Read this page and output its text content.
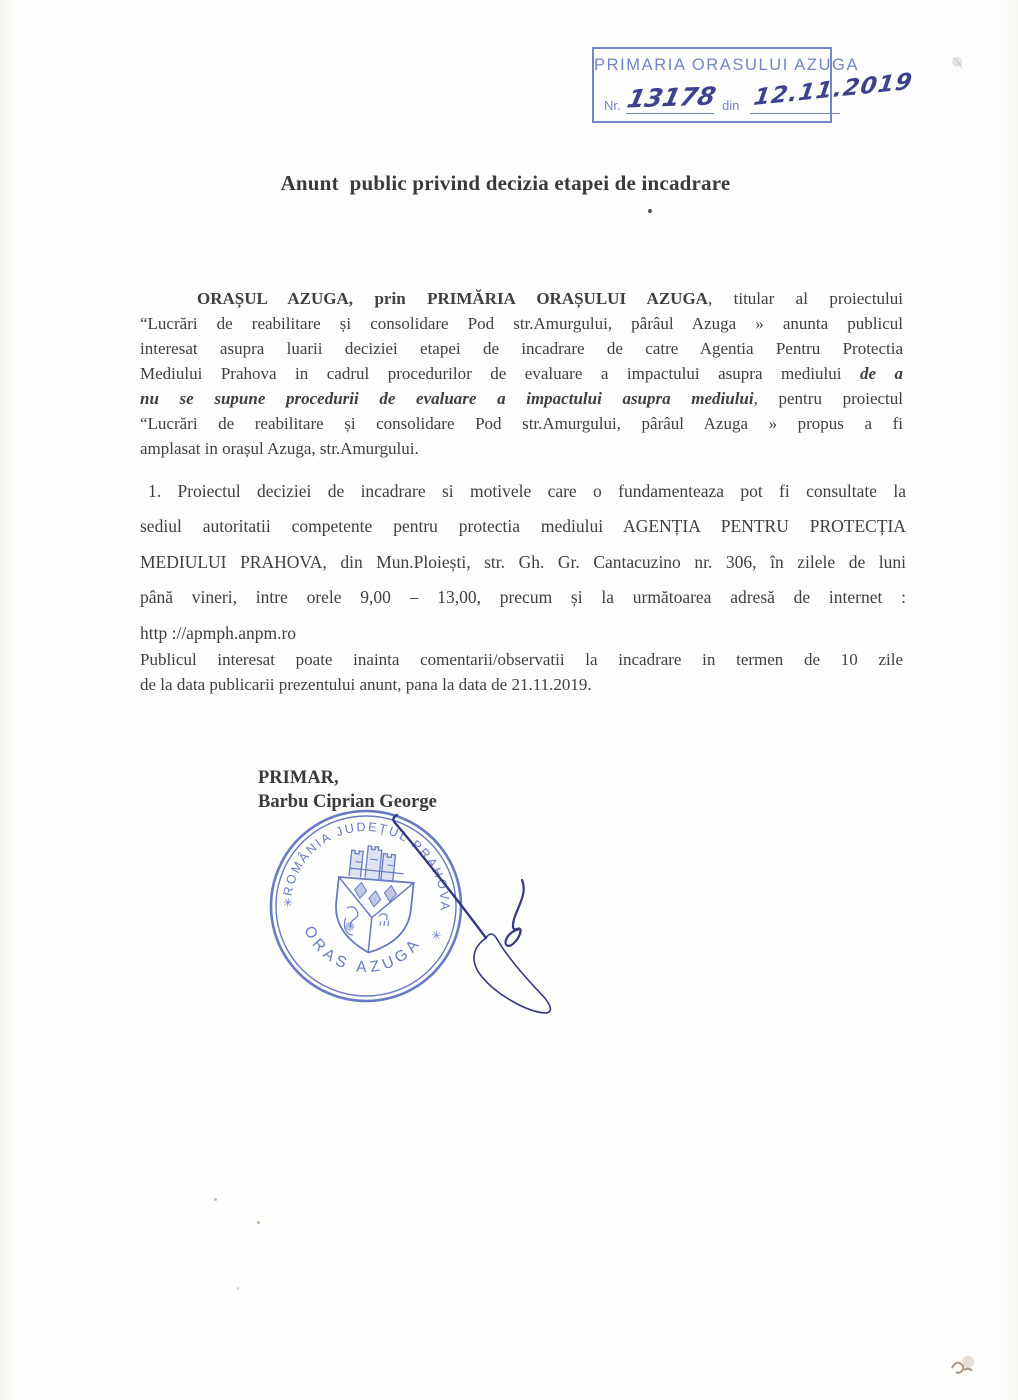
PRIMARIA ORASULUI AZUGA
Nr. 13178 din 12.11.2019
Anunt  public privind decizia etapei de incadrare
ORAȘUL AZUGA, prin PRIMĂRIA ORAȘULUI AZUGA, titular al proiectului
“Lucrări de reabilitare și consolidare Pod str.Amurgului, pârâul Azuga » anunta publicul
interesat asupra luarii deciziei etapei de incadrare de catre Agentia Pentru Protectia
Mediului Prahova in cadrul procedurilor de evaluare a impactului asupra mediului de a
nu se supune procedurii de evaluare a impactului asupra mediului, pentru proiectul
“Lucrări de reabilitare și consolidare Pod str.Amurgului, pârâul Azuga » propus a fi
amplasat in orașul Azuga, str.Amurgului.
1. Proiectul deciziei de incadrare si motivele care o fundamenteaza pot fi consultate la
sediul autoritatii competente pentru protectia mediului AGENȚIA PENTRU PROTECȚIA
MEDIULUI PRAHOVA, din Mun.Ploiești, str. Gh. Gr. Cantacuzino nr. 306, în zilele de luni
până vineri, intre orele 9,00 – 13,00, precum și la următoarea adresă de internet :
http ://apmph.anpm.ro
Publicul interesat poate inainta comentarii/observatii la incadrare in termen de 10 zile
de la data publicarii prezentului anunt, pana la data de 21.11.2019.
PRIMAR,
Barbu Ciprian George
ROMÂNIA JUDEȚUL PRAHOVA
ORAS AZUGA
✳
✳
